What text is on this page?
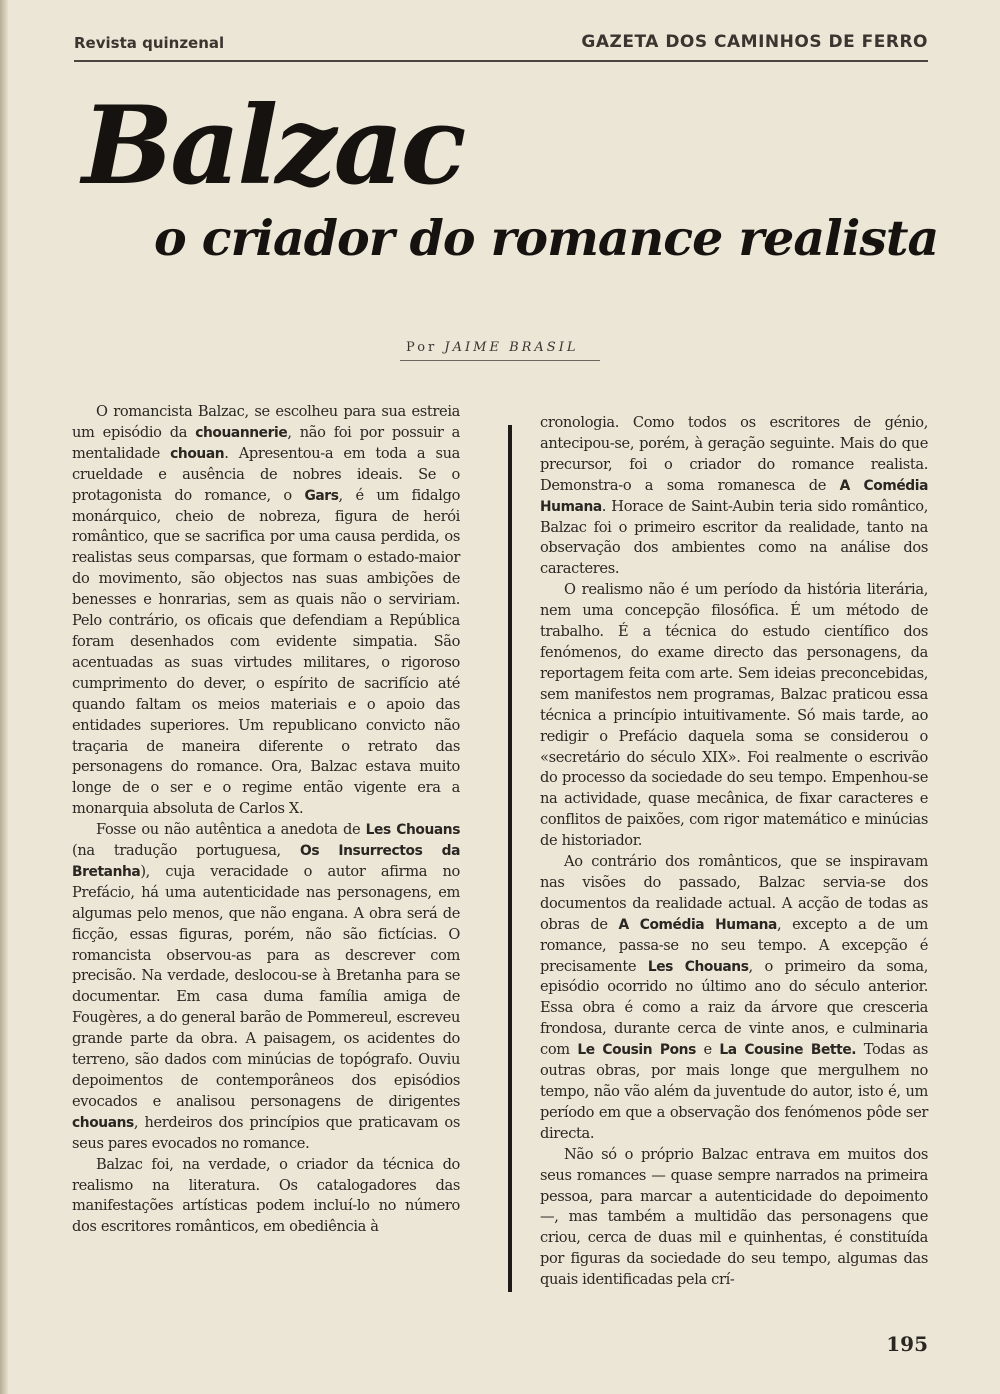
Revista quinzenal	GAZETA DOS CAMINHOS DE FERRO
Balzac
o criador do romance realista
Por JAIME BRASIL

O romancista Balzac, se escolheu para sua estreia um episódio da chouannerie, não foi por possuir a mentalidade chouan. Apresentou-a em toda a sua crueldade e ausência de nobres ideais. Se o protagonista do romance, o Gars, é um fidalgo monárquico, cheio de nobreza, figura de herói romântico, que se sacrifica por uma causa perdida, os realistas seus comparsas, que formam o estado-maior do movimento, são objectos nas suas ambições de benesses e honrarias, sem as quais não o serviriam. Pelo contrário, os oficais que defendiam a República foram desenhados com evidente simpatia. São acentuadas as suas virtudes militares, o rigoroso cumprimento do dever, o espírito de sacrifício até quando faltam os meios materiais e o apoio das entidades superiores. Um republicano convicto não traçaria de maneira diferente o retrato das personagens do romance. Ora, Balzac estava muito longe de o ser e o regime então vigente era a monarquia absoluta de Carlos X.

Fosse ou não autêntica a anedota de Les Chouans (na tradução portuguesa, Os Insurrectos da Bretanha), cuja veracidade o autor afirma no Prefácio, há uma autenticidade nas personagens, em algumas pelo menos, que não engana. A obra será de ficção, essas figuras, porém, não são fictícias. O romancista observou-as para as descrever com precisão. Na verdade, deslocou-se à Bretanha para se documentar. Em casa duma família amiga de Fougères, a do general barão de Pommereul, escreveu grande parte da obra. A paisagem, os acidentes do terreno, são dados com minúcias de topógrafo. Ouviu depoimentos de contemporâneos dos episódios evocados e analisou personagens de dirigentes chouans, herdeiros dos princípios que praticavam os seus pares evocados no romance.

Balzac foi, na verdade, o criador da técnica do realismo na literatura. Os catalogadores das manifestações artísticas podem incluí-lo no número dos escritores românticos, em obediência à

cronologia. Como todos os escritores de génio, antecipou-se, porém, à geração seguinte. Mais do que precursor, foi o criador do romance realista. Demonstra-o a soma romanesca de A Comédia Humana. Horace de Saint-Aubin teria sido romântico, Balzac foi o primeiro escritor da realidade, tanto na observação dos ambientes como na análise dos caracteres.

O realismo não é um período da história literária, nem uma concepção filosófica. É um método de trabalho. É a técnica do estudo científico dos fenómenos, do exame directo das personagens, da reportagem feita com arte. Sem ideias preconcebidas, sem manifestos nem programas, Balzac praticou essa técnica a princípio intuitivamente. Só mais tarde, ao redigir o Prefácio daquela soma se considerou o «secretário do século XIX». Foi realmente o escrivão do processo da sociedade do seu tempo. Empenhou-se na actividade, quase mecânica, de fixar caracteres e conflitos de paixões, com rigor matemático e minúcias de historiador.

Ao contrário dos românticos, que se inspiravam nas visões do passado, Balzac servia-se dos documentos da realidade actual. A acção de todas as obras de A Comédia Humana, excepto a de um romance, passa-se no seu tempo. A excepção é precisamente Les Chouans, o primeiro da soma, episódio ocorrido no último ano do século anterior. Essa obra é como a raiz da árvore que cresceria frondosa, durante cerca de vinte anos, e culminaria com Le Cousin Pons e La Cousine Bette. Todas as outras obras, por mais longe que mergulhem no tempo, não vão além da juventude do autor, isto é, um período em que a observação dos fenómenos pôde ser directa.

Não só o próprio Balzac entrava em muitos dos seus romances — quase sempre narrados na primeira pessoa, para marcar a autenticidade do depoimento —, mas também a multidão das personagens que criou, cerca de duas mil e quinhentas, é constituída por figuras da sociedade do seu tempo, algumas das quais identificadas pela crí-

195
